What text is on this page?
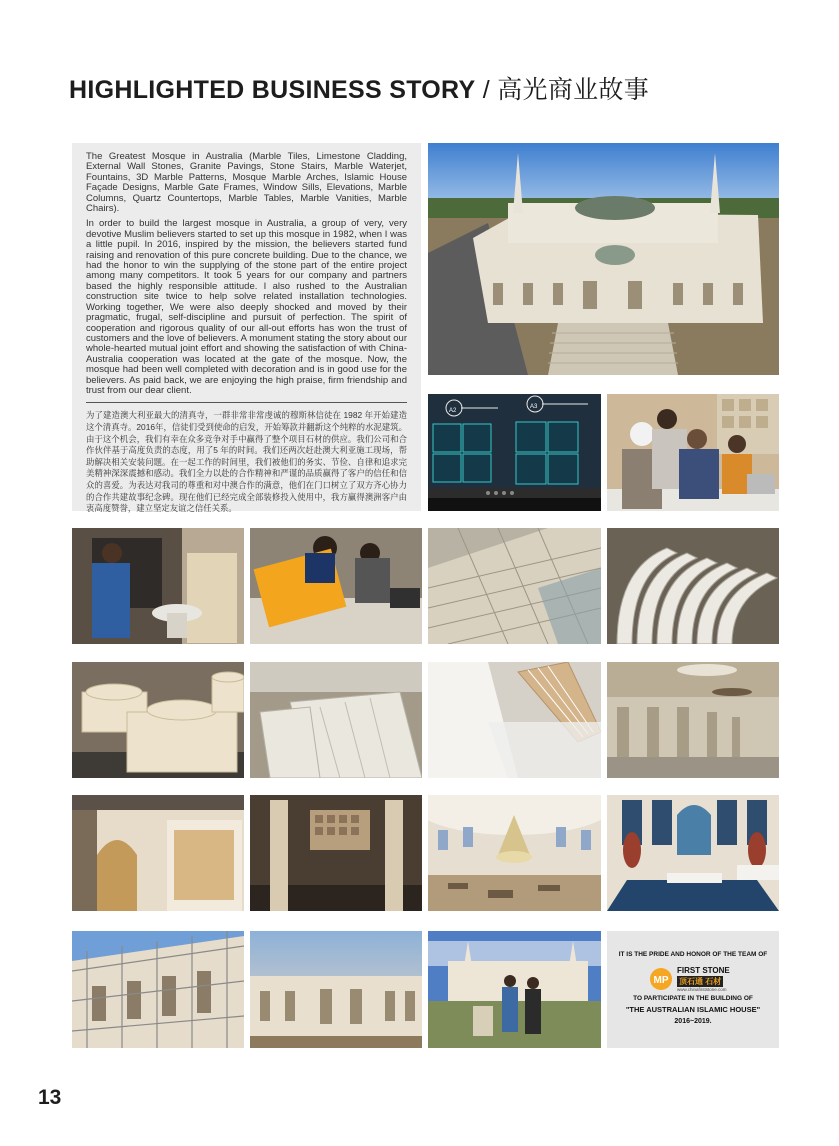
HIGHLIGHTED BUSINESS STORY / 高光商业故事

The Greatest Mosque in Australia (Marble Tiles, Limestone Cladding, External Wall Stones, Granite Pavings, Stone Stairs, Marble Waterjet, Fountains, 3D Marble Patterns, Mosque Marble Arches, Islamic House Façade Designs, Marble Gate Frames, Window Sills, Elevations, Marble Columns, Quartz Countertops, Marble Tables, Marble Vanities, Marble Chairs).

In order to build the largest mosque in Australia, a group of very, very devotive Muslim believers started to set up this mosque in 1982, when I was a little pupil. In 2016, inspired by the mission, the believers started fund raising and renovation of this pure concrete building. Due to the chance, we had the honor to win the supplying of the stone part of the entire project among many competitors. It took 5 years for our company and partners based the highly responsible attitude. I also rushed to the Australian construction site twice to help solve related installation technologies. Working together, We were also deeply shocked and moved by their pragmatic, frugal, self-discipline and pursuit of perfection. The spirit of cooperation and rigorous quality of our all-out efforts has won the trust of customers and the love of believers. A monument stating the story about our whole-hearted mutual joint effort and showing the satisfaction of with China-Australia cooperation was located at the gate of the mosque. Now, the mosque had been well completed with decoration and is in good use for the believers. As paid back, we are enjoying the high praise, firm friendship and trust from our dear client.

为了建造澳大利亚最大的清真寺，一群非常非常虔诚的穆斯林信徒在 1982 年开始建造这个清真寺。2016年，信徒们受到使命的启发，开始筹款并翻新这个纯粹的水泥建筑。由于这个机会，我们有幸在众多竞争对手中赢得了整个项目石材的供应。我们公司和合作伙伴基于高度负责的态度，用了5 年的时间。我们还两次赶赴澳大利亚施工现场，帮助解决相关安装问题。在一起工作的时间里，我们被他们的务实、节俭、自律和追求完美精神深深震撼和感动。我们全力以赴的合作精神和严谨的品质赢得了客户的信任和信众的喜爱。为表达对我司的尊重和对中澳合作的满意，他们在门口树立了双方齐心协力的合作共建故事纪念碑。现在他们已经完成全部装修投入使用中，我方赢得澳洲客户由衷高度赞誉，建立坚定友谊之信任关系。

A2
A3
IT IS THE PRIDE AND HONOR OF THE TEAM OF
MP
FIRST STONE
顶石通 石材
www.chinafirststone.com
TO PARTICIPATE IN THE BUILDING OF
"THE AUSTRALIAN ISLAMIC HOUSE"
2016~2019.
13
